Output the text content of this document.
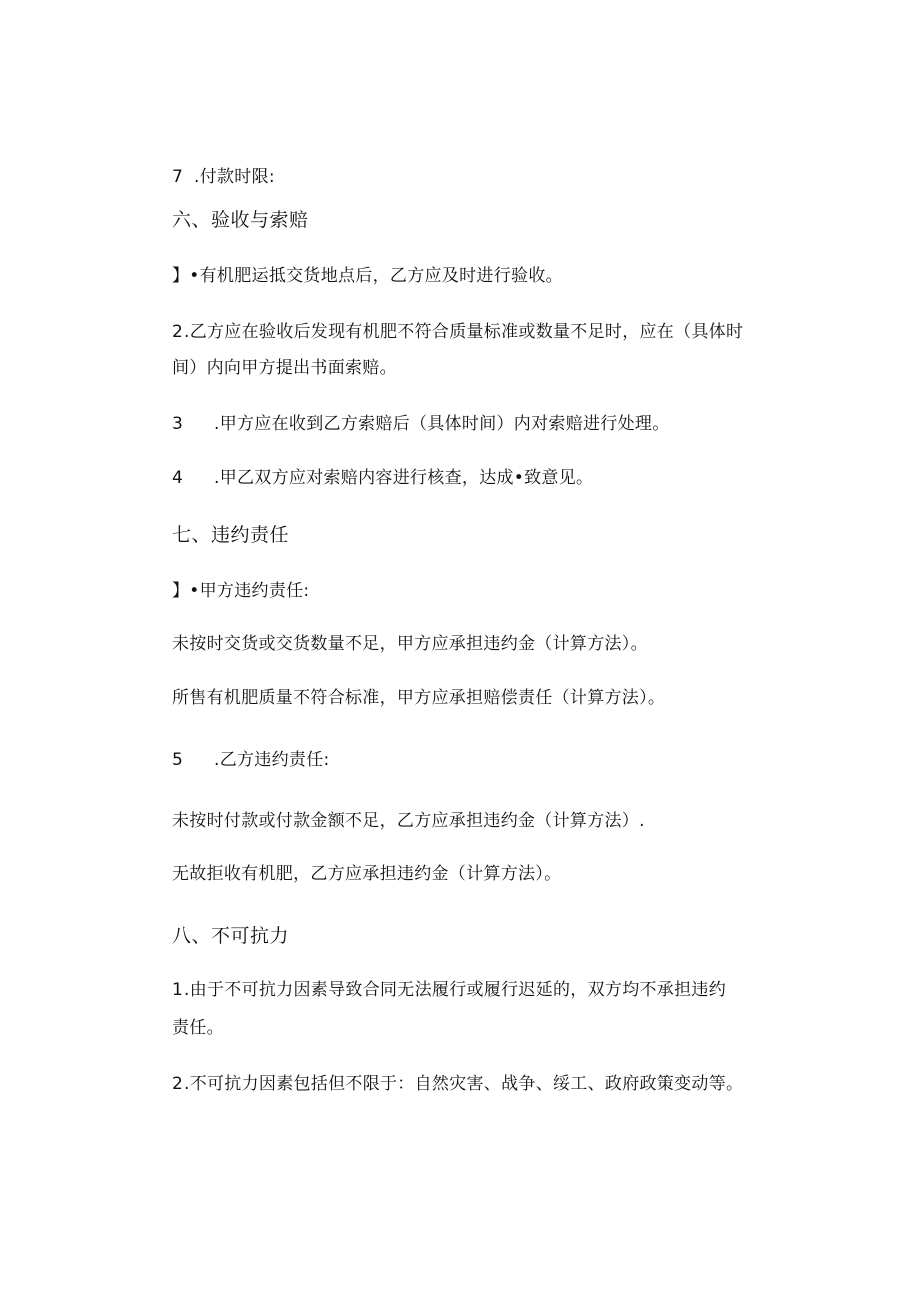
7 .付款时限:
六、验收与索赔
】•有机肥运抵交货地点后，乙方应及时进行验收。
2.乙方应在验收后发现有机肥不符合质量标准或数量不足时，应在（具体时
间）内向甲方提出书面索赔。
3 .甲方应在收到乙方索赔后（具体时间）内对索赔进行处理。
4 .甲乙双方应对索赔内容进行核查，达成•致意见。
七、违约责任
】•甲方违约责任:
未按时交货或交货数量不足，甲方应承担违约金（计算方法）。
所售有机肥质量不符合标准，甲方应承担赔偿责任（计算方法）。
5 .乙方违约责任:
未按时付款或付款金额不足，乙方应承担违约金（计算方法）.
无故拒收有机肥，乙方应承担违约金（计算方法）。
八、不可抗力
1.由于不可抗力因素导致合同无法履行或履行迟延的，双方均不承担违约
责任。
2.不可抗力因素包括但不限于：自然灾害、战争、绥工、政府政策变动等。
